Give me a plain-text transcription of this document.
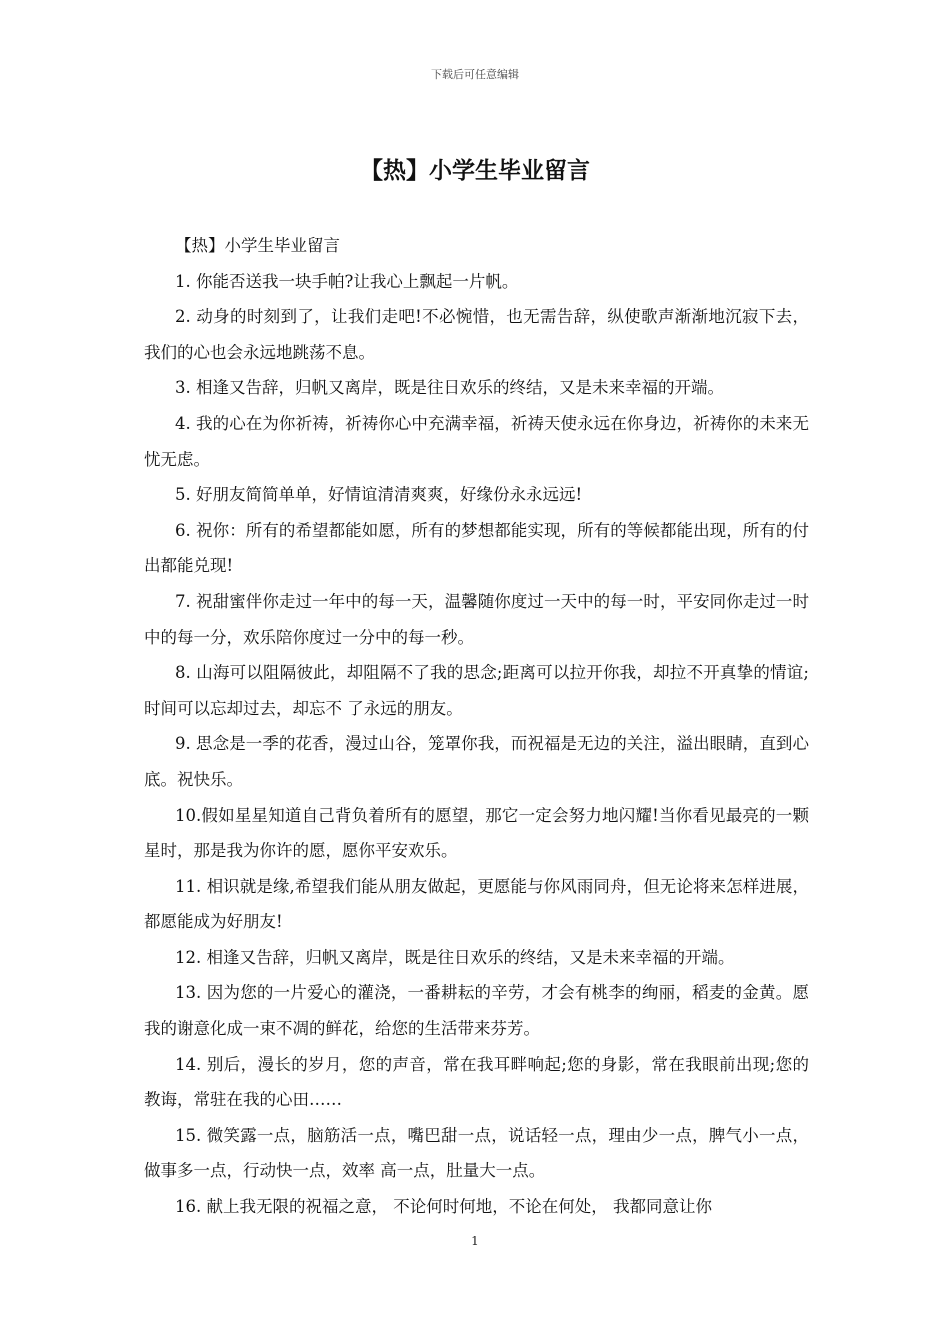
下载后可任意编辑
【热】小学生毕业留言

【热】小学生毕业留言

1. 你能否送我一块手帕?让我心上飘起一片帆。

2. 动身的时刻到了，让我们走吧!不必惋惜，也无需告辞，纵使歌声渐渐地沉寂下去，我们的心也会永远地跳荡不息。

3. 相逢又告辞，归帆又离岸，既是往日欢乐的终结，又是未来幸福的开端。

4. 我的心在为你祈祷，祈祷你心中充满幸福，祈祷天使永远在你身边，祈祷你的未来无忧无虑。

5. 好朋友简简单单，好情谊清清爽爽，好缘份永永远远!

6. 祝你：所有的希望都能如愿，所有的梦想都能实现，所有的等候都能出现，所有的付出都能兑现!

7. 祝甜蜜伴你走过一年中的每一天，温馨随你度过一天中的每一时，平安同你走过一时中的每一分，欢乐陪你度过一分中的每一秒。

8. 山海可以阻隔彼此，却阻隔不了我的思念;距离可以拉开你我，却拉不开真挚的情谊;时间可以忘却过去，却忘不 了永远的朋友。

9. 思念是一季的花香，漫过山谷，笼罩你我，而祝福是无边的关注，溢出眼睛，直到心底。祝快乐。

10.假如星星知道自己背负着所有的愿望，那它一定会努力地闪耀!当你看见最亮的一颗星时，那是我为你许的愿，愿你平安欢乐。

11. 相识就是缘,希望我们能从朋友做起，更愿能与你风雨同舟，但无论将来怎样进展，都愿能成为好朋友!

12. 相逢又告辞，归帆又离岸，既是往日欢乐的终结，又是未来幸福的开端。

13. 因为您的一片爱心的灌浇，一番耕耘的辛劳，才会有桃李的绚丽，稻麦的金黄。愿我的谢意化成一束不凋的鲜花，给您的生活带来芬芳。

14. 别后，漫长的岁月，您的声音，常在我耳畔响起;您的身影，常在我眼前出现;您的教诲，常驻在我的心田……

15. 微笑露一点，脑筋活一点，嘴巴甜一点，说话轻一点，理由少一点，脾气小一点，做事多一点，行动快一点，效率 高一点，肚量大一点。

16. 献上我无限的祝福之意， 不论何时何地，不论在何处， 我都同意让你

1
